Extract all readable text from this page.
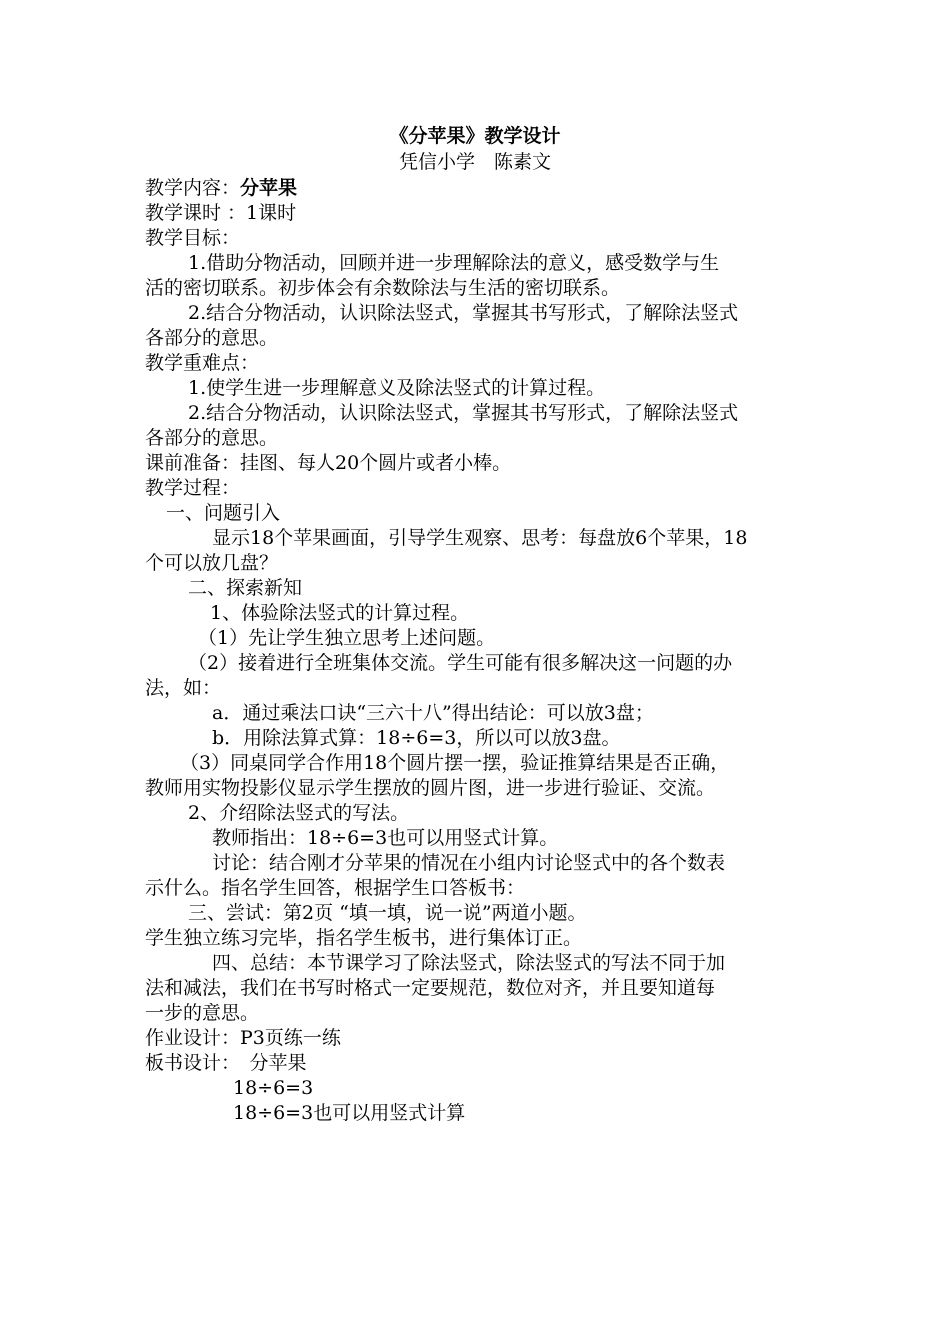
《分苹果》教学设计
凭信小学　陈素文
教学内容：分苹果
教学课时 ：1课时
教学目标：
1.借助分物活动，回顾并进一步理解除法的意义，感受数学与生
活的密切联系。初步体会有余数除法与生活的密切联系。
2.结合分物活动，认识除法竖式，掌握其书写形式，了解除法竖式
各部分的意思。
教学重难点：
1.使学生进一步理解意义及除法竖式的计算过程。
2.结合分物活动，认识除法竖式，掌握其书写形式，了解除法竖式
各部分的意思。
课前准备：挂图、每人20个圆片或者小棒。
教学过程：
一、问题引入
显示18个苹果画面，引导学生观察、思考：每盘放6个苹果，18
个可以放几盘？
二、探索新知
1、体验除法竖式的计算过程。
（1）先让学生独立思考上述问题。
（2）接着进行全班集体交流。学生可能有很多解决这一问题的办
法，如：
a．通过乘法口诀“三六十八”得出结论：可以放3盘；
b．用除法算式算：18÷6=3，所以可以放3盘。
（3）同桌同学合作用18个圆片摆一摆，验证推算结果是否正确，
教师用实物投影仪显示学生摆放的圆片图，进一步进行验证、交流。
2、介绍除法竖式的写法。
教师指出：18÷6=3也可以用竖式计算。
讨论：结合刚才分苹果的情况在小组内讨论竖式中的各个数表
示什么。指名学生回答，根据学生口答板书：
三、尝试：第2页 “填一填，说一说”两道小题。
学生独立练习完毕，指名学生板书，进行集体订正。
四、总结：本节课学习了除法竖式，除法竖式的写法不同于加
法和减法，我们在书写时格式一定要规范，数位对齐，并且要知道每
一步的意思。
作业设计：P3页练一练
板书设计：　分苹果
18÷6=3
18÷6=3也可以用竖式计算
